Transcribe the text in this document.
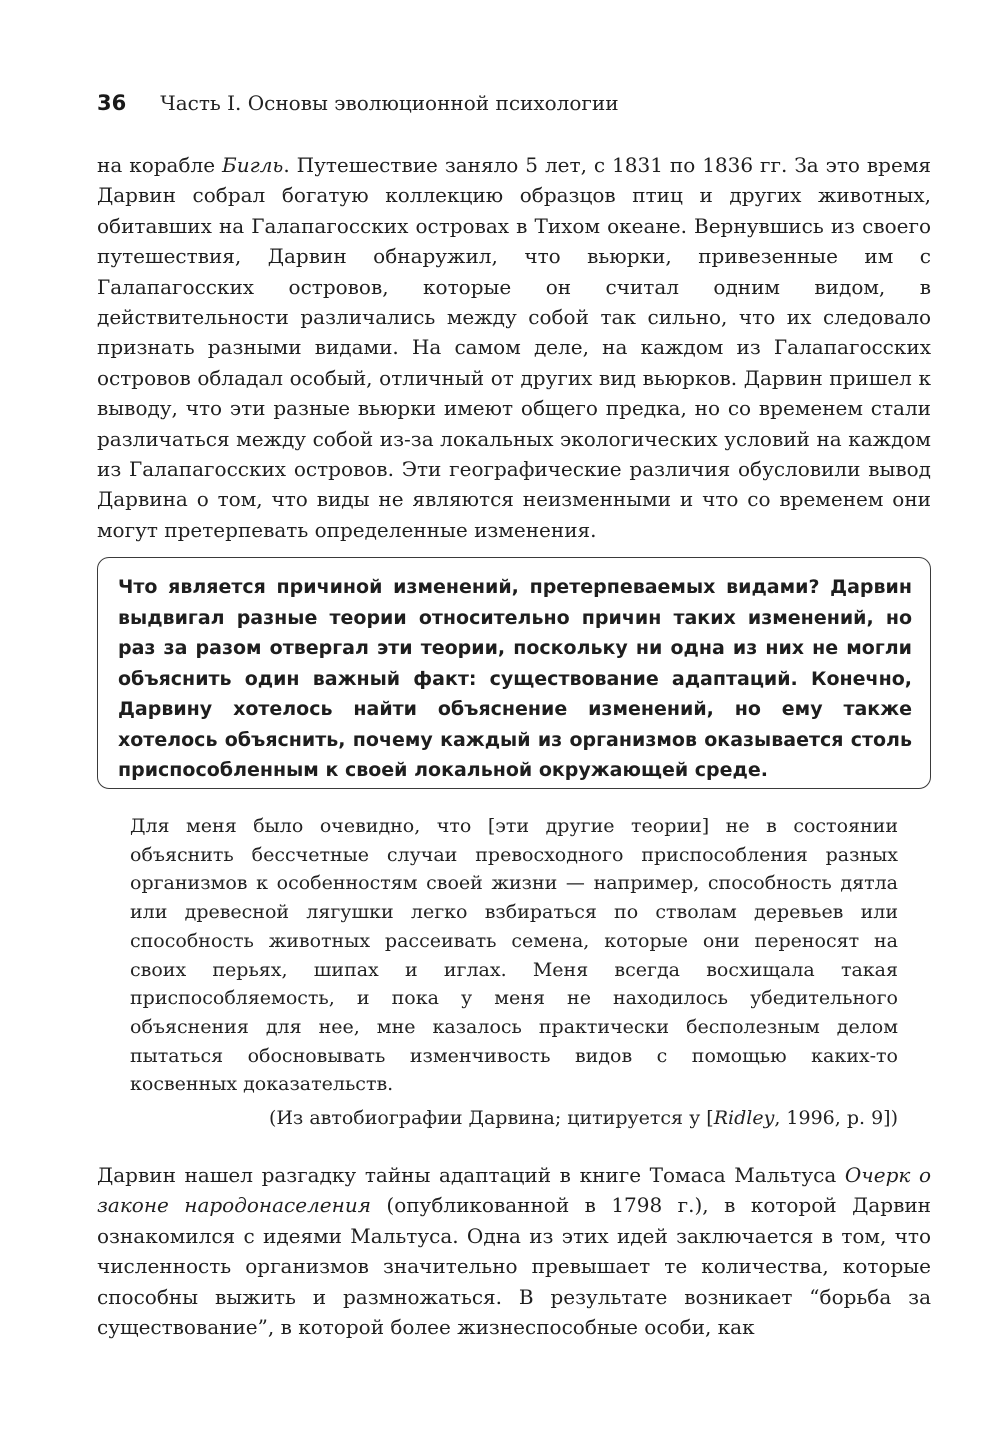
36 Часть I. Основы эволюционной психологии

на корабле Бигль. Путешествие заняло 5 лет, с 1831 по 1836 гг. За это время Дарвин собрал богатую коллекцию образцов птиц и других животных, обитавших на Галапагосских островах в Тихом океане. Вернувшись из своего путешествия, Дарвин обнаружил, что вьюрки, привезенные им с Галапагосских островов, которые он считал одним видом, в действительности различались между собой так сильно, что их следовало признать разными видами. На самом деле, на каждом из Галапагосских островов обладал особый, отличный от других вид вьюрков. Дарвин пришел к выводу, что эти разные вьюрки имеют общего предка, но со временем стали различаться между собой из-за локальных экологических условий на каждом из Галапагосских островов. Эти географические различия обусловили вывод Дарвина о том, что виды не являются неизменными и что со временем они могут претерпевать определенные изменения.

Что является причиной изменений, претерпеваемых видами? Дарвин выдвигал разные теории относительно причин таких изменений, но раз за разом отвергал эти теории, поскольку ни одна из них не могли объяснить один важный факт: существование адаптаций. Конечно, Дарвину хотелось найти объяснение изменений, но ему также хотелось объяснить, почему каждый из организмов оказывается столь приспособленным к своей локальной окружающей среде.

Для меня было очевидно, что [эти другие теории] не в состоянии объяснить бессчетные случаи превосходного приспособления разных организмов к особенностям своей жизни — например, способность дятла или древесной лягушки легко взбираться по стволам деревьев или способность животных рассеивать семена, которые они переносят на своих перьях, шипах и иглах. Меня всегда восхищала такая приспособляемость, и пока у меня не находилось убедительного объяснения для нее, мне казалось практически бесполезным делом пытаться обосновывать изменчивость видов с помощью каких-то косвенных доказательств.

(Из автобиографии Дарвина; цитируется у [Ridley, 1996, p. 9])

Дарвин нашел разгадку тайны адаптаций в книге Томаса Мальтуса Очерк о законе народонаселения (опубликованной в 1798 г.), в которой Дарвин ознакомился с идеями Мальтуса. Одна из этих идей заключается в том, что численность организмов значительно превышает те количества, которые способны выжить и размножаться. В результате возникает “борьба за существование”, в которой более жизнеспособные особи, как
